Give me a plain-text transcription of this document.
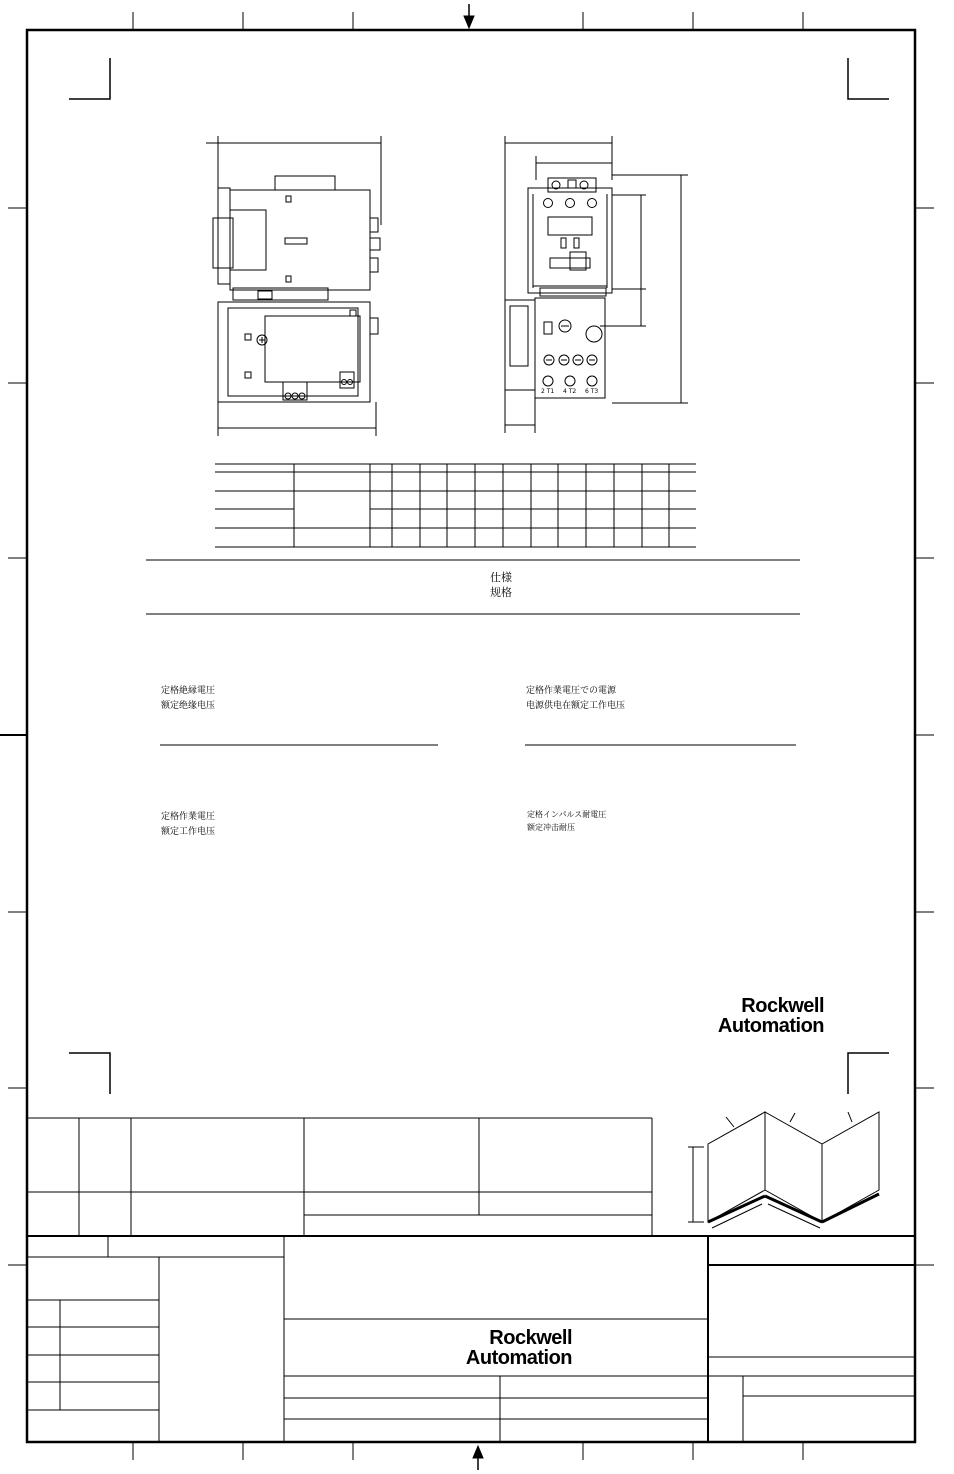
2 T1 4 T2 6 T3
仕様
规格
定格絶縁電圧
额定绝缘电压
定格作業電圧での電源
电源供电在额定工作电压
定格作業電圧
额定工作电压
定格インパルス耐電圧
额定冲击耐压
Rockwell
Automation
Rockwell
Automation
